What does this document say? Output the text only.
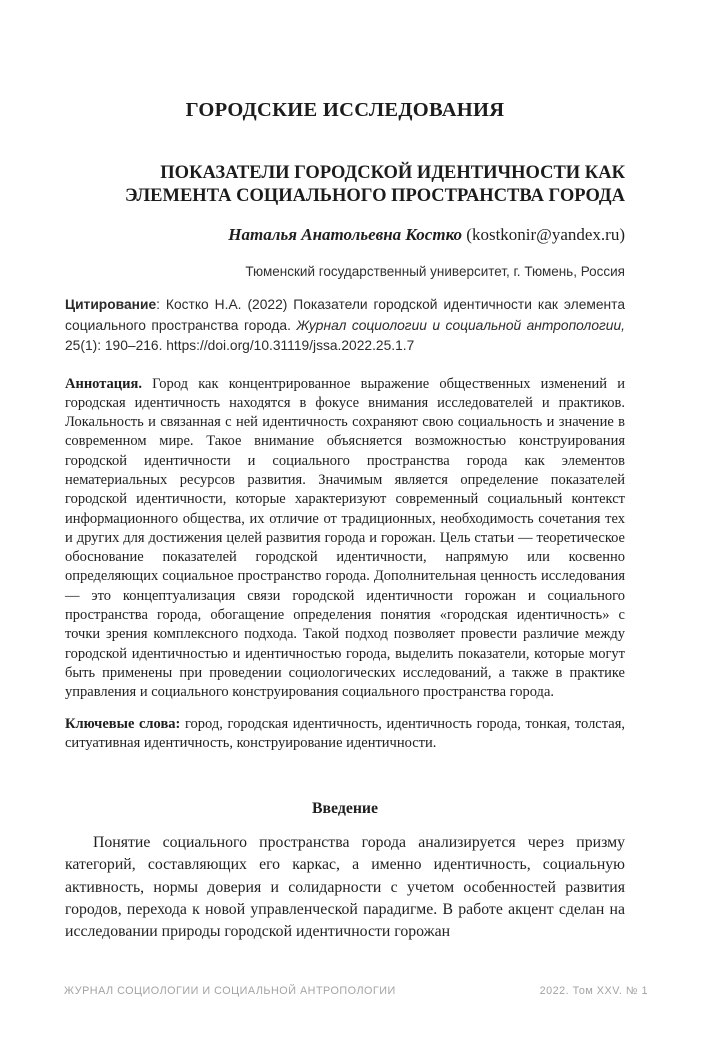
ГОРОДСКИЕ ИССЛЕДОВАНИЯ
ПОКАЗАТЕЛИ ГОРОДСКОЙ ИДЕНТИЧНОСТИ КАК ЭЛЕМЕНТА СОЦИАЛЬНОГО ПРОСТРАНСТВА ГОРОДА

Наталья Анатольевна Костко (kostkonir@yandex.ru)

Тюменский государственный университет, г. Тюмень, Россия

Цитирование: Костко Н.А. (2022) Показатели городской идентичности как элемента социального пространства города. Журнал социологии и социальной антропологии, 25(1): 190–216. https://doi.org/10.31119/jssa.2022.25.1.7

Аннотация. Город как концентрированное выражение общественных изменений и городская идентичность находятся в фокусе внимания исследователей и практиков. Локальность и связанная с ней идентичность сохраняют свою социальность и значение в современном мире. Такое внимание объясняется возможностью конструирования городской идентичности и социального пространства города как элементов нематериальных ресурсов развития. Значимым является определение показателей городской идентичности, которые характеризуют современный социальный контекст информационного общества, их отличие от традиционных, необходимость сочетания тех и других для достижения целей развития города и горожан. Цель статьи — теоретическое обоснование показателей городской идентичности, напрямую или косвенно определяющих социальное пространство города. Дополнительная ценность исследования — это концептуализация связи городской идентичности горожан и социального пространства города, обогащение определения понятия «городская идентичность» с точки зрения комплексного подхода. Такой подход позволяет провести различие между городской идентичностью и идентичностью города, выделить показатели, которые могут быть применены при проведении социологических исследований, а также в практике управления и социального конструирования социального пространства города.

Ключевые слова: город, городская идентичность, идентичность города, тонкая, толстая, ситуативная идентичность, конструирование идентичности.

Введение

Понятие социального пространства города анализируется через призму категорий, составляющих его каркас, а именно идентичность, социальную активность, нормы доверия и солидарности с учетом особенностей развития городов, перехода к новой управленческой парадигме. В работе акцент сделан на исследовании природы городской идентичности горожан

ЖУРНАЛ СОЦИОЛОГИИ И СОЦИАЛЬНОЙ АНТРОПОЛОГИИ	2022. Том XXV. № 1
